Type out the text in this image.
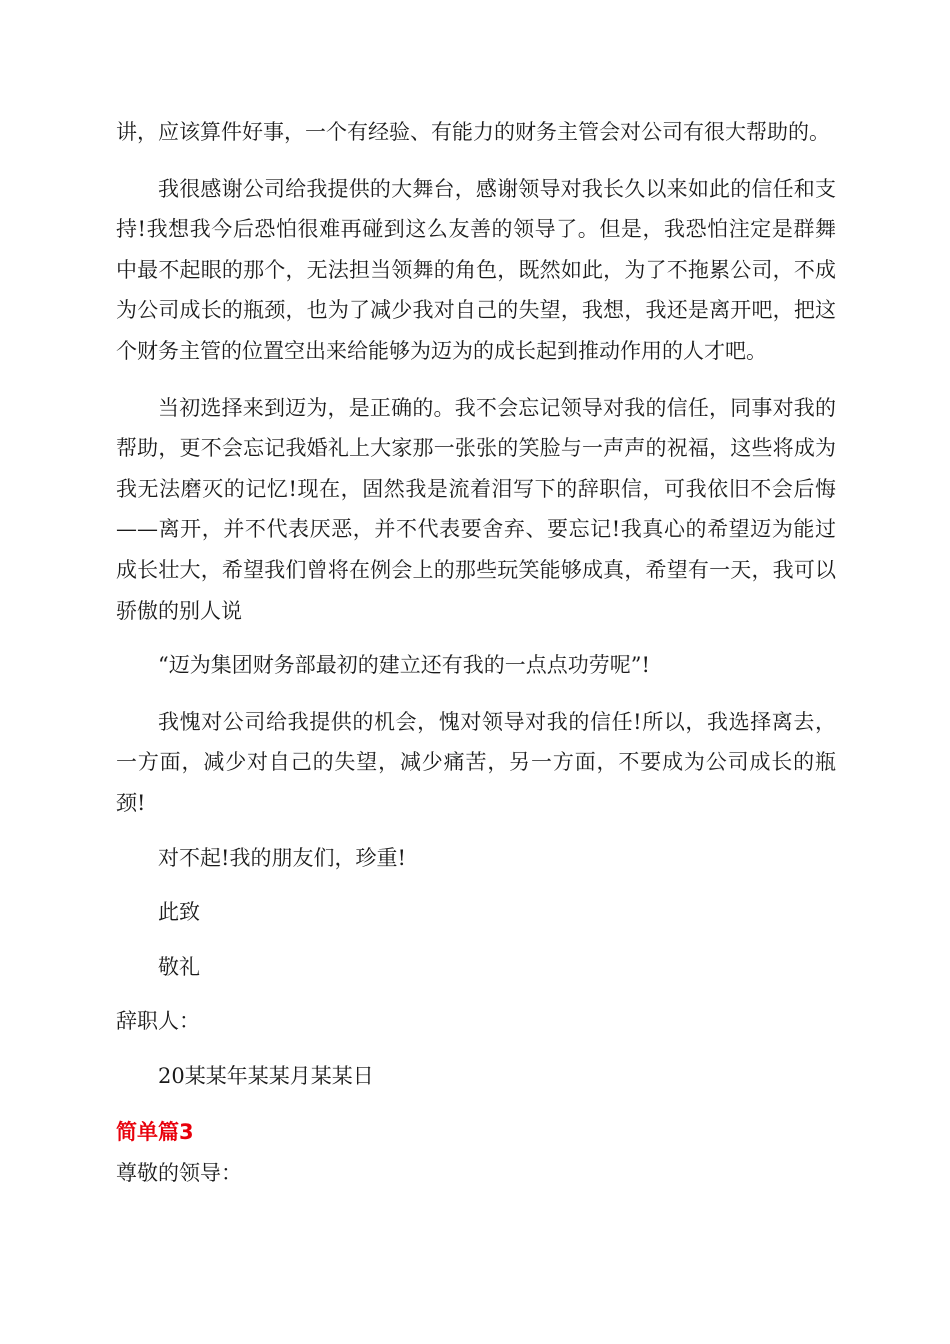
讲，应该算件好事，一个有经验、有能力的财务主管会对公司有很大帮助的。

我很感谢公司给我提供的大舞台，感谢领导对我长久以来如此的信任和支持!我想我今后恐怕很难再碰到这么友善的领导了。但是，我恐怕注定是群舞中最不起眼的那个，无法担当领舞的角色，既然如此，为了不拖累公司，不成为公司成长的瓶颈，也为了减少我对自己的失望，我想，我还是离开吧，把这个财务主管的位置空出来给能够为迈为的成长起到推动作用的人才吧。

当初选择来到迈为，是正确的。我不会忘记领导对我的信任，同事对我的帮助，更不会忘记我婚礼上大家那一张张的笑脸与一声声的祝福，这些将成为我无法磨灭的记忆!现在，固然我是流着泪写下的辞职信，可我依旧不会后悔——离开，并不代表厌恶，并不代表要舍弃、要忘记!我真心的希望迈为能过成长壮大，希望我们曾将在例会上的那些玩笑能够成真，希望有一天，我可以骄傲的别人说

“迈为集团财务部最初的建立还有我的一点点功劳呢”!

我愧对公司给我提供的机会，愧对领导对我的信任!所以，我选择离去，一方面，减少对自己的失望，减少痛苦，另一方面，不要成为公司成长的瓶颈!

对不起!我的朋友们，珍重!

此致

敬礼

辞职人：

20某某年某某月某某日

简单篇3

尊敬的领导：
